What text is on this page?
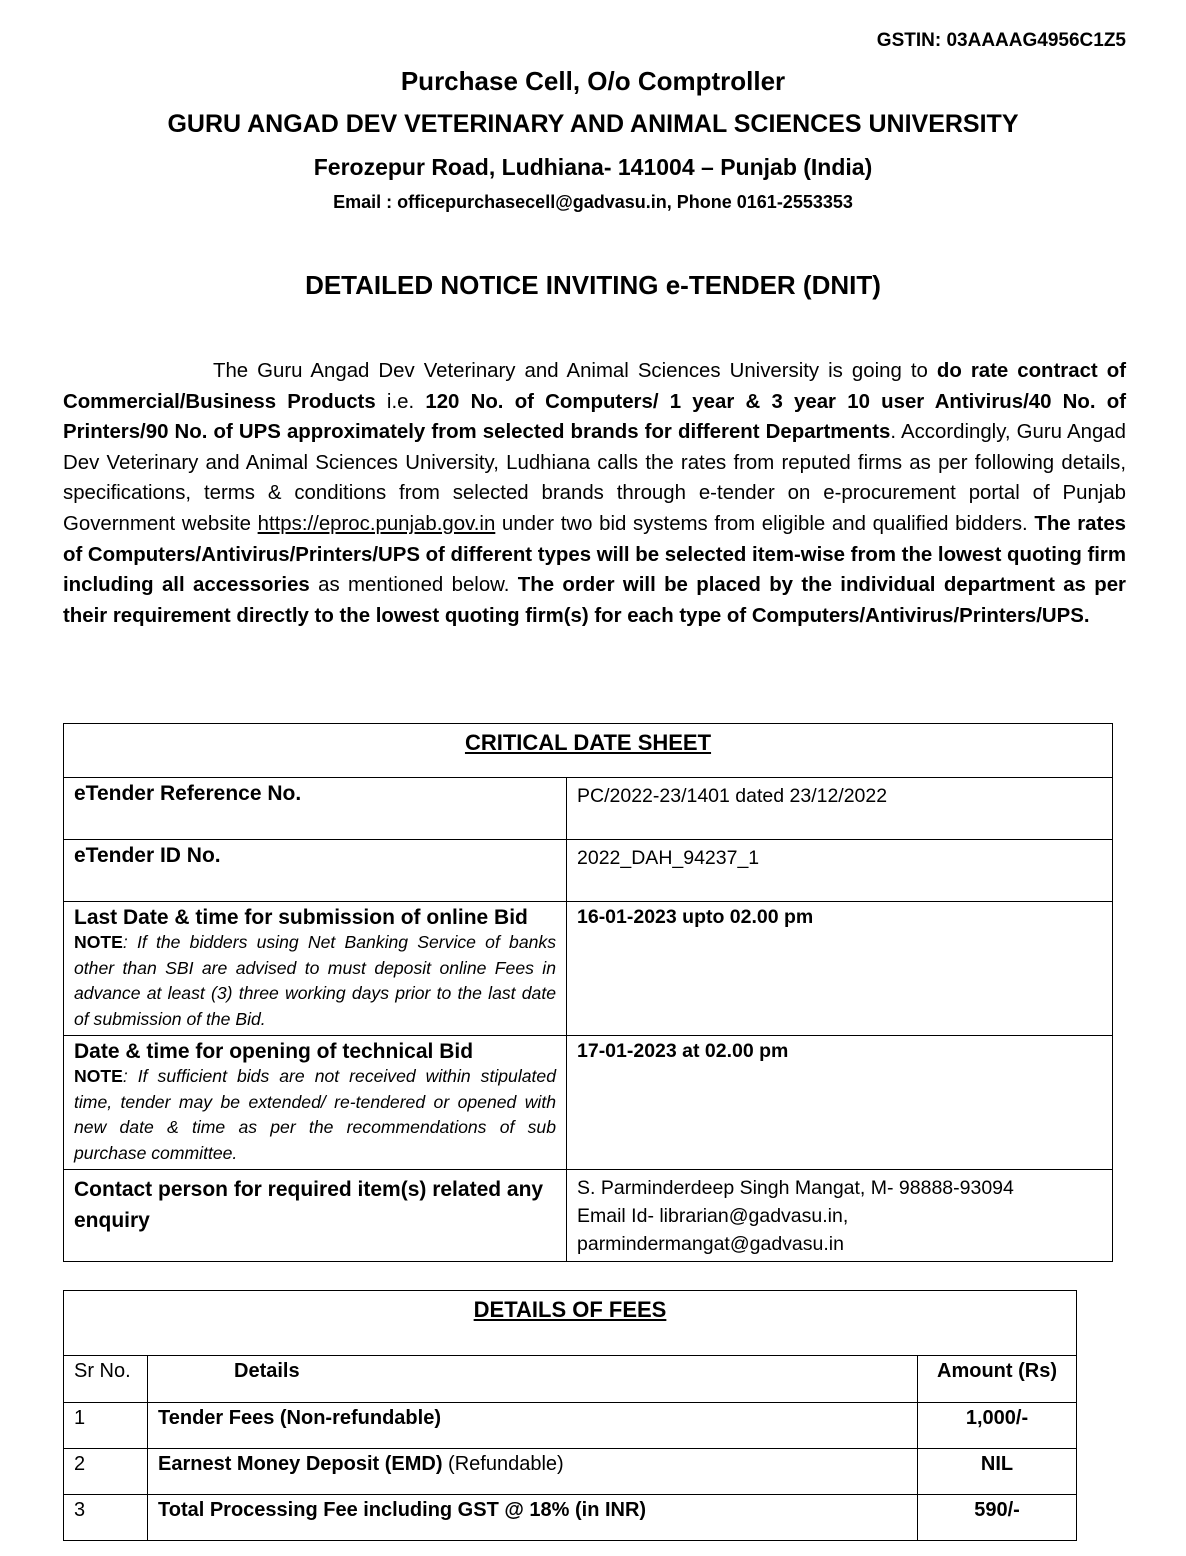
GSTIN: 03AAAAG4956C1Z5
Purchase Cell, O/o Comptroller
GURU ANGAD DEV VETERINARY AND ANIMAL SCIENCES UNIVERSITY
Ferozepur Road, Ludhiana- 141004 – Punjab (India)
Email : officepurchasecell@gadvasu.in, Phone 0161-2553353
DETAILED NOTICE INVITING e-TENDER (DNIT)

The Guru Angad Dev Veterinary and Animal Sciences University is going to do rate contract of Commercial/Business Products i.e. 120 No. of Computers/ 1 year & 3 year 10 user Antivirus/40 No. of Printers/90 No. of UPS approximately from selected brands for different Departments. Accordingly, Guru Angad Dev Veterinary and Animal Sciences University, Ludhiana calls the rates from reputed firms as per following details, specifications, terms & conditions from selected brands through e-tender on e-procurement portal of Punjab Government website https://eproc.punjab.gov.in under two bid systems from eligible and qualified bidders. The rates of Computers/Antivirus/Printers/UPS of different types will be selected item-wise from the lowest quoting firm including all accessories as mentioned below. The order will be placed by the individual department as per their requirement directly to the lowest quoting firm(s) for each type of Computers/Antivirus/Printers/UPS.

CRITICAL DATE SHEET	
eTender Reference No.	PC/2022-23/1401 dated 23/12/2022
eTender ID No.	2022_DAH_94237_1

Last Date & time for submission of online Bid
NOTE: If the bidders using Net Banking Service of banks other than SBI are advised to must deposit online Fees in advance at least (3) three working days prior to the last date of submission of the Bid.	16-01-2023 upto 02.00 pm

Date & time for opening of technical Bid
NOTE: If sufficient bids are not received within stipulated time, tender may be extended/ re-tendered or opened with new date & time as per the recommendations of sub purchase committee.	17-01-2023 at 02.00 pm
Contact person for required item(s) related any enquiry	S. Parminderdeep Singh Mangat, M- 98888-93094
Email Id- librarian@gadvasu.in,
parmindermangat@gadvasu.in
DETAILS OF FEES		
Sr No.	Details	Amount (Rs)
1	Tender Fees (Non-refundable)	1,000/-
2	Earnest Money Deposit (EMD) (Refundable)	NIL
3	Total Processing Fee including GST @ 18% (in INR)	590/-
